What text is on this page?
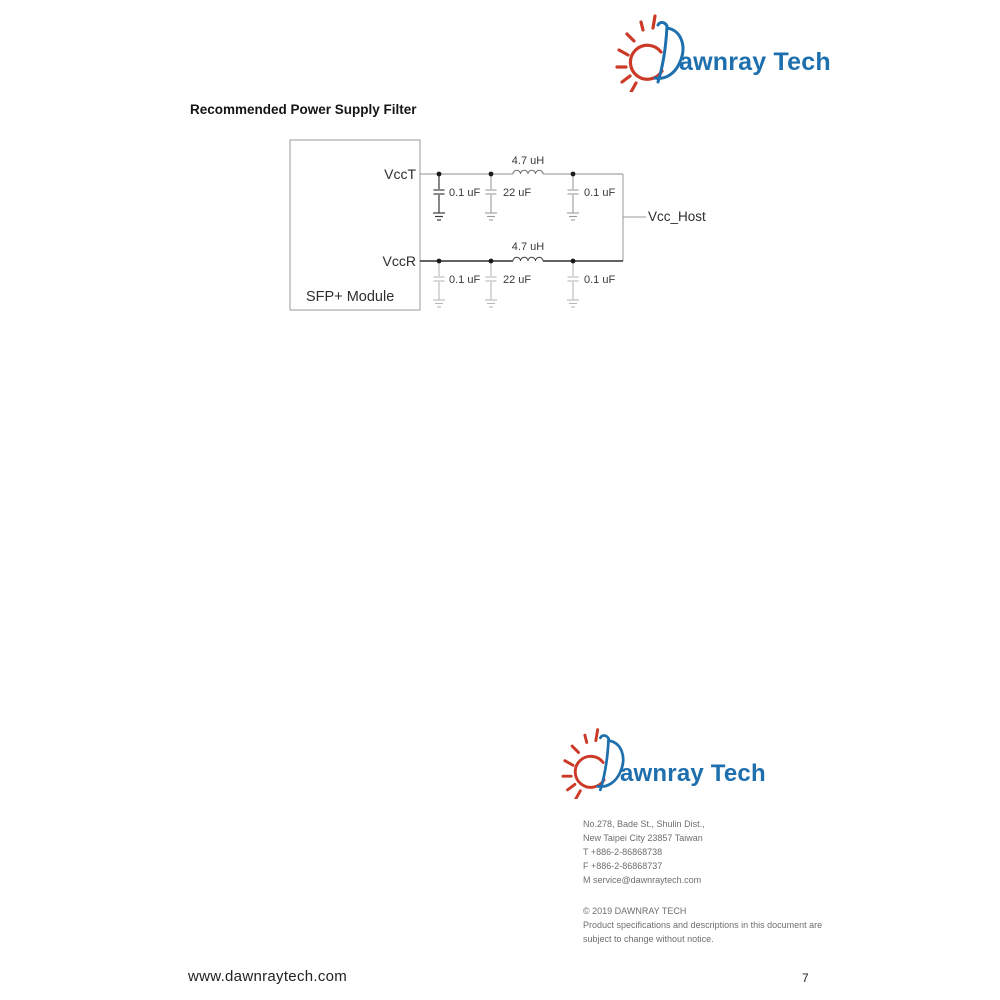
awnray Tech
Recommended Power Supply Filter
VccT
VccR
SFP+ Module
Vcc_Host
4.7 uH
4.7 uH
0.1 uF 22 uF	0.1 uF
0.1 uF 22 uF	0.1 uF
awnray Tech
No.278, Bade St., Shulin Dist.,
New Taipei City 23857 Taiwan
T +886-2-86868738
F +886-2-86868737
M service@dawnraytech.com
© 2019 DAWNRAY TECH
Product specifications and descriptions in this document are
subject to change without notice.
www.dawnraytech.com	7
